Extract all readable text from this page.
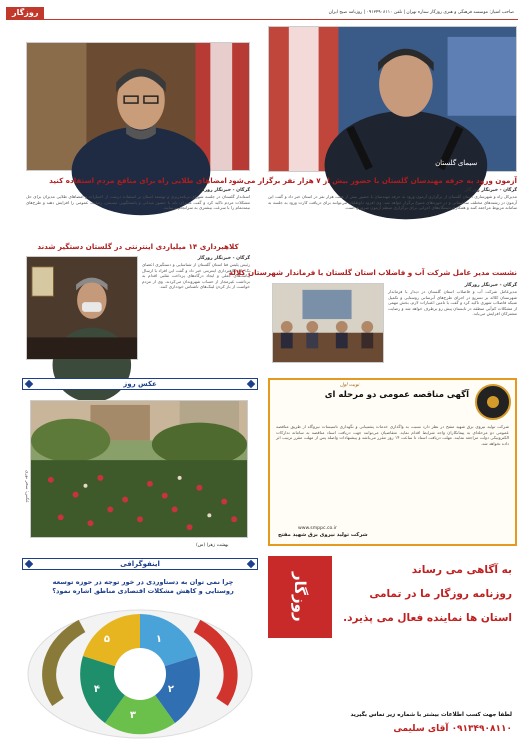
صاحب امتیاز: موسسه فرهنگی و هنری روزگار ستاره تهران | تلفن ۰۹۱۳۴۹۰۸۱۱۰ | روزنامه صبح ایران
روزگار
سیمای گلستان
آزمون ورود به حرفه مهندسان گلستان با حضور بیش از ۷ هزار نفر برگزار می‌شود
گرگان - خبرنگار روزگار
مدیرکل راه و شهرسازی استان گلستان از برگزاری آزمون ورود به حرفه مهندسان با حضور بیش از هفت هزار نفر در استان خبر داد و گفت این آزمون در رشته‌های مختلف ساختمانی و در حوزه‌های متنوع برگزار خواهد شد. وی افزود داوطلبان می‌توانند برای دریافت کارت ورود به جلسه به سامانه مربوط مراجعه کنند و همکاری دستگاه‌های اجرایی برای برگزاری منظم آزمون ضروری است.
امضاهای طلایی راه برای منافع مردم استفاده کنید
گرگان - خبرنگار روزگار
استاندار گلستان در جلسه شورای برنامه‌ریزی و توسعه استان بر استفاده درست از اختیارات و امضاهای طلایی مدیران برای حل مشکلات مردم تاکید کرد و گفت مدیران باید با حضور میدانی و پاسخگویی مستمر، رضایت عمومی را افزایش دهند و طرح‌های نیمه‌تمام را با سرعت بیشتری به سرانجام برسانند.
کلاهبرداری ۱۴ میلیاردی اینترنتی در گلستان دستگیر شدند
گرگان - خبرنگار روزگار
رئیس پلیس فتا استان گلستان از شناسایی و دستگیری اعضای یک باند کلاهبرداری اینترنتی خبر داد و گفت این افراد با ارسال پیامک‌های جعلی و ایجاد درگاه‌های پرداخت تقلبی اقدام به برداشت غیرمجاز از حساب شهروندان می‌کردند. وی از مردم خواست از باز کردن لینک‌های ناشناس خودداری کنند.
نشست مدیر عامل شرکت آب و فاضلاب استان گلستان با فرماندار شهرستان کلاله
گرگان - خبرنگار روزگار
مدیرعامل شرکت آب و فاضلاب استان گلستان در دیدار با فرماندار شهرستان کلاله بر تسریع در اجرای طرح‌های آبرسانی روستایی و تکمیل شبکه فاضلاب شهری تاکید کرد و گفت با تامین اعتبارات لازم، بخش مهمی از مشکلات کم‌آبی منطقه در تابستان پیش رو برطرف خواهد شد و رضایت مشترکان افزایش می‌یابد.
عکس روز
عکس: سحر نوری
بهشت زهرا (س)
اینفوگرافی
چرا نمی توان به دستاوردی در خور توجه در حوزه توسعه روستایی و کاهش مشکلات اقتصادی مناطق اشاره نمود؟
۱
۲
۳
۴
۵
آگهی مناقصه عمومی دو مرحله ای
نوبت اول
شرکت تولید نیروی برق شهید مفتح در نظر دارد نسبت به واگذاری خدمات پشتیبانی و نگهداری تاسیسات نیروگاه از طریق مناقصه عمومی دو مرحله‌ای به پیمانکاران واجد شرایط اقدام نماید. متقاضیان می‌توانند جهت دریافت اسناد مناقصه به سامانه تدارکات الکترونیکی دولت مراجعه نمایند. مهلت دریافت اسناد تا ساعت ۱۴ روز مقرر می‌باشد و پیشنهادات واصله پس از مهلت مقرر ترتیب اثر داده نخواهد شد.
www.smppc.co.ir
شرکت تولید نیروی برق شهید مفتح
روزگار
به آگاهی می رساند
روزنامه روزگار ما در تمامی
استان ها نماینده فعال می پذیرد.
لطفا جهت کسب اطلاعات بیشتر با شماره زیر تماس بگیرید
۰۹۱۳۴۹۰۸۱۱۰ آقای سلیمی
